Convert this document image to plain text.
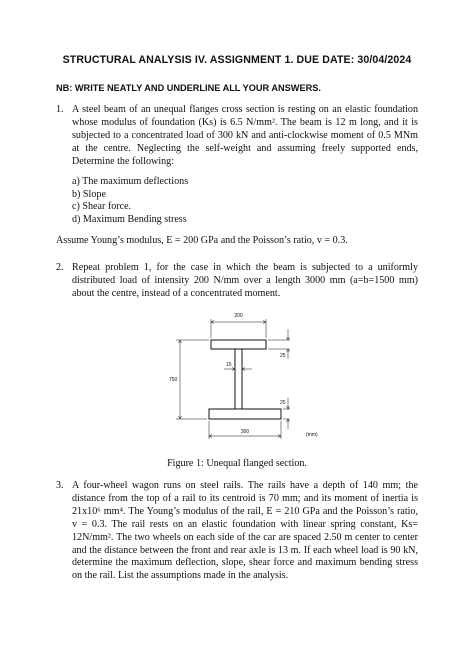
STRUCTURAL ANALYSIS IV. ASSIGNMENT 1. DUE DATE: 30/04/2024
NB: WRITE NEATLY AND UNDERLINE ALL YOUR ANSWERS.
1. A steel beam of an unequal flanges cross section is resting on an elastic foundation whose modulus of foundation (Ks) is 6.5 N/mm². The beam is 12 m long, and it is subjected to a concentrated load of 300 kN and anti-clockwise moment of 0.5 MNm at the centre. Neglecting the self-weight and assuming freely supported ends, Determine the following:
a) The maximum deflections
b) Slope
c) Shear force.
d) Maximum Bending stress
Assume Young’s modulus, E = 200 GPa and the Poisson’s ratio, v = 0.3.
2. Repeat problem 1, for the case in which the beam is subjected to a uniformly distributed load of intensity 200 N/mm over a length 3000 mm (a=b=1500 mm) about the centre, instead of a concentrated moment.
200
300
750
15
25
25
(mm)
Figure 1: Unequal flanged section.
3. A four-wheel wagon runs on steel rails. The rails have a depth of 140 mm; the distance from the top of a rail to its centroid is 70 mm; and its moment of inertia is 21x10⁶ mm⁴. The Young’s modulus of the rail, E = 210 GPa and the Poisson’s ratio, v = 0.3. The rail rests on an elastic foundation with linear spring constant, Ks= 12N/mm². The two wheels on each side of the car are spaced 2.50 m center to center and the distance between the front and rear axle is 13 m. If each wheel load is 90 kN, determine the maximum deflection, slope, shear force and maximum bending stress on the rail. List the assumptions made in the analysis.
